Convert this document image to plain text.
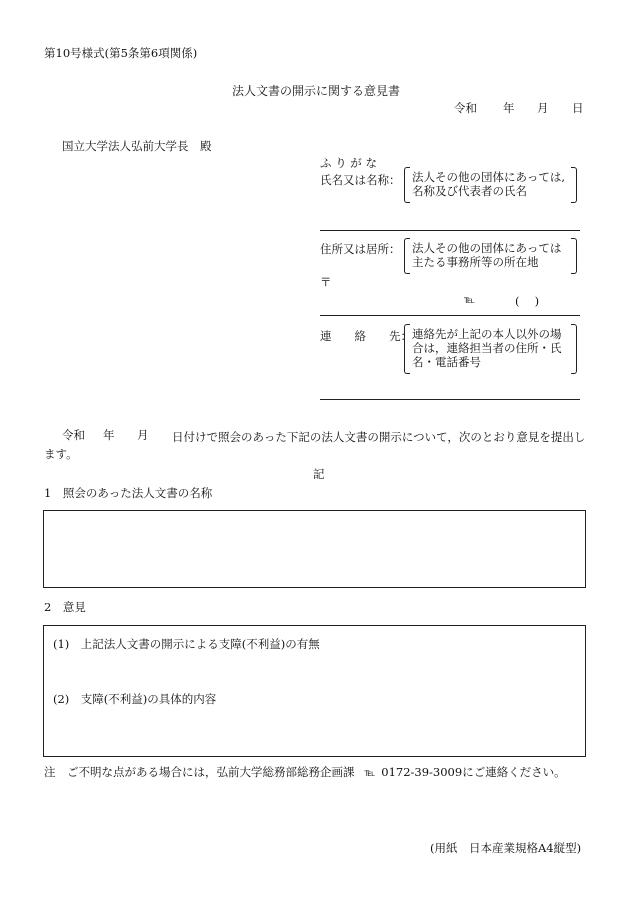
第10号様式(第5条第6項関係)
法人文書の開示に関する意見書
令和 年 月 日
国立大学法人弘前大学長　殿
ふ り が な
氏名又は名称： 法人その他の団体にあっては,
名称及び代表者の氏名
住所又は居所： 法人その他の団体にあっては
主たる事務所等の所在地
〒
℡	(　 )
連　　絡　　先： 連絡先が上記の本人以外の場
合は，連絡担当者の住所・氏
名・電話番号
令和 年 月	日付けで照会のあった下記の法人文書の開示について，次のとおり意見を提出します。
記
1　照会のあった法人文書の名称
2　意見
(1)　上記法人文書の開示による支障(不利益)の有無
(2)　支障(不利益)の具体的内容
注　ご不明な点がある場合には，弘前大学総務部総務企画課 ℡ 0172-39-3009にご連絡ください。
(用紙　日本産業規格A4縦型)
